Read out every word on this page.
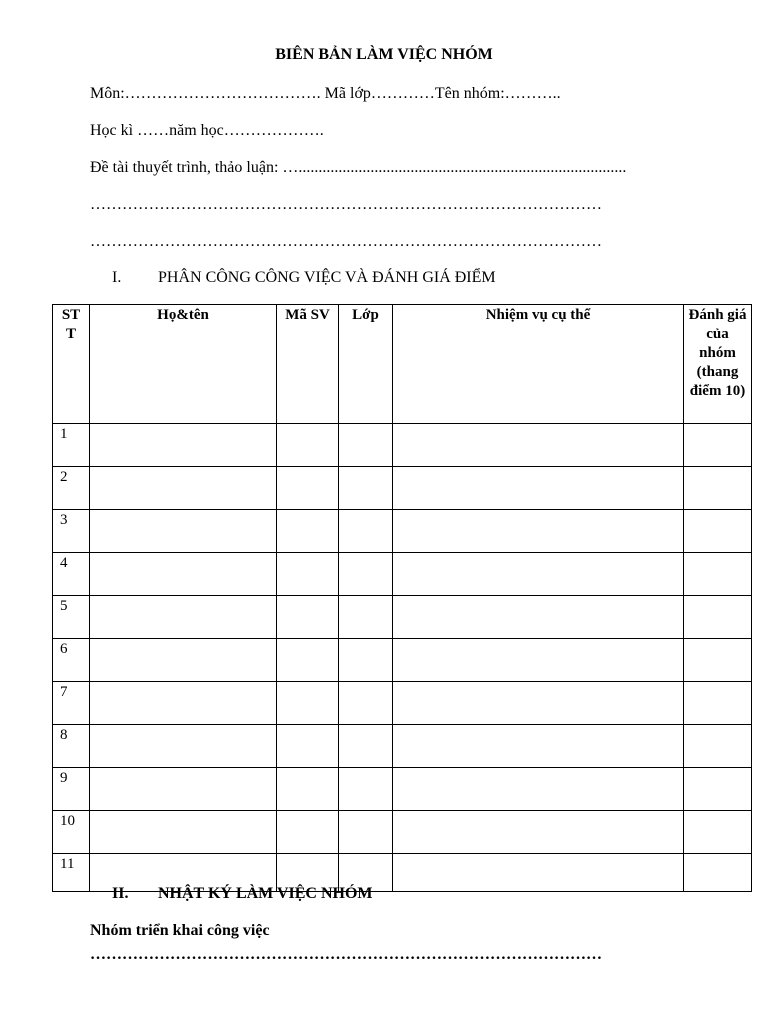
BIÊN BẢN LÀM VIỆC NHÓM
Môn:………………………………. Mã lớp…………Tên nhóm:………..
Học kì ……năm học……………….
Đề tài thuyết trình, thảo luận: …..................................................................................
……………………………………………………………………………………
……………………………………………………………………………………
I. PHÂN CÔNG CÔNG VIỆC VÀ ĐÁNH GIÁ ĐIỂM
STT	Họ&tên	Mã SV	Lớp	Nhiệm vụ cụ thể	Đánh giá của nhóm (thang điểm 10)
1					
2					
3					
4					
5					
6					
7					
8					
9					
10					
11					
II. NHẬT KÝ LÀM VIỆC NHÓM
Nhóm triển khai công việc
……………………………………………………………………………………
